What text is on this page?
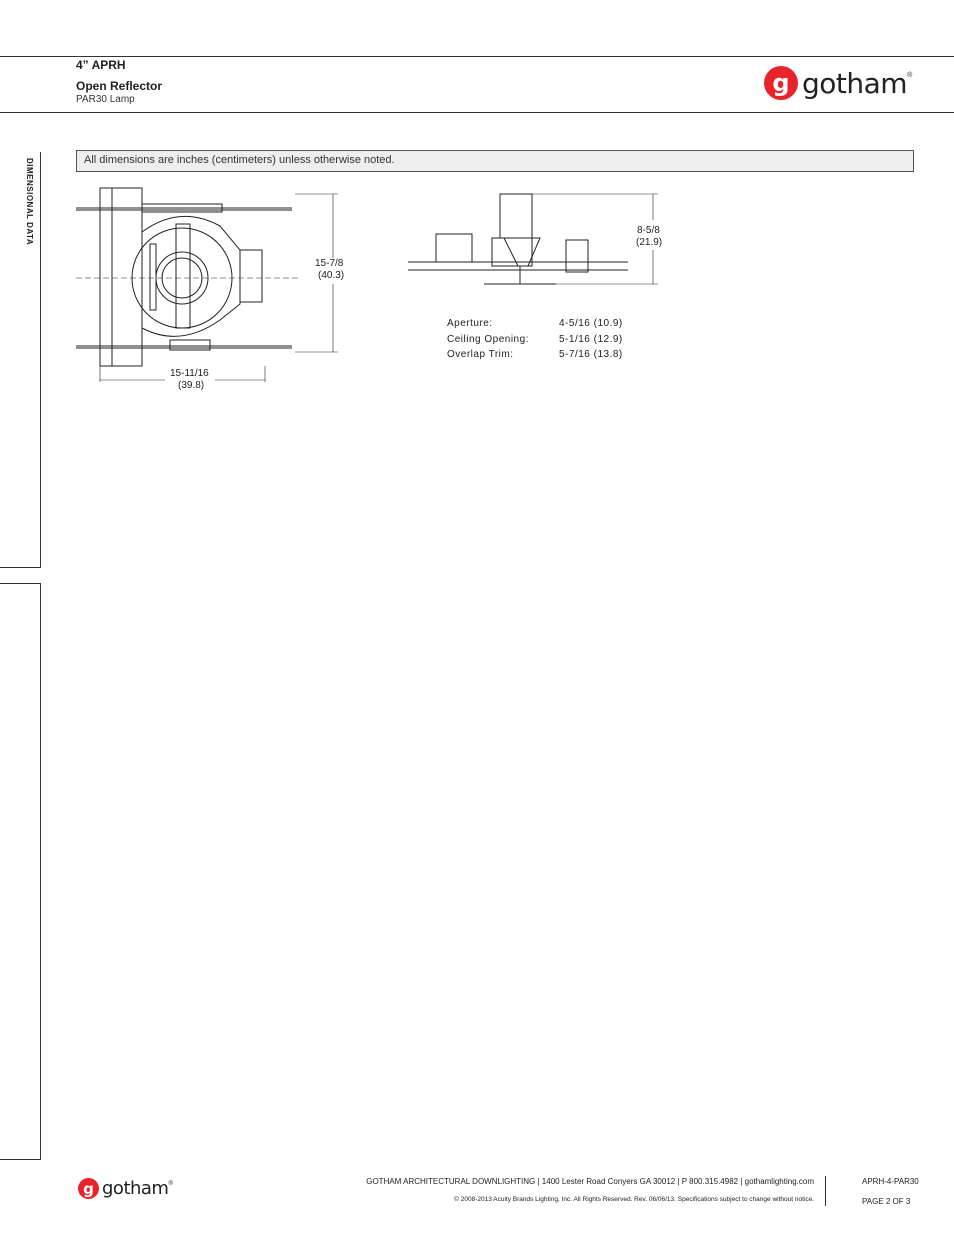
DIMENSIONAL DATA
4” APRH
Open Reflector
PAR30 Lamp
g gotham ®
All dimensions are inches (centimeters) unless otherwise noted.
15-7/8
(40.3)
15-11/16
(39.8)
8-5/8
(21.9)
Aperture:	4-5/16 (10.9)
Ceiling Opening:	5-1/16 (12.9)
Overlap Trim:	5-7/16 (13.8)
g gotham ®	GOTHAM ARCHITECTURAL DOWNLIGHTING | 1400 Lester Road Conyers GA 30012 | P 800.315.4982 | gothamlighting.com
© 2008-2013 Acuity Brands Lighting, Inc. All Rights Reserved. Rev. 06/06/13. Specifications subject to change without notice.
APRH-4-PAR30
PAGE 2 OF 3
